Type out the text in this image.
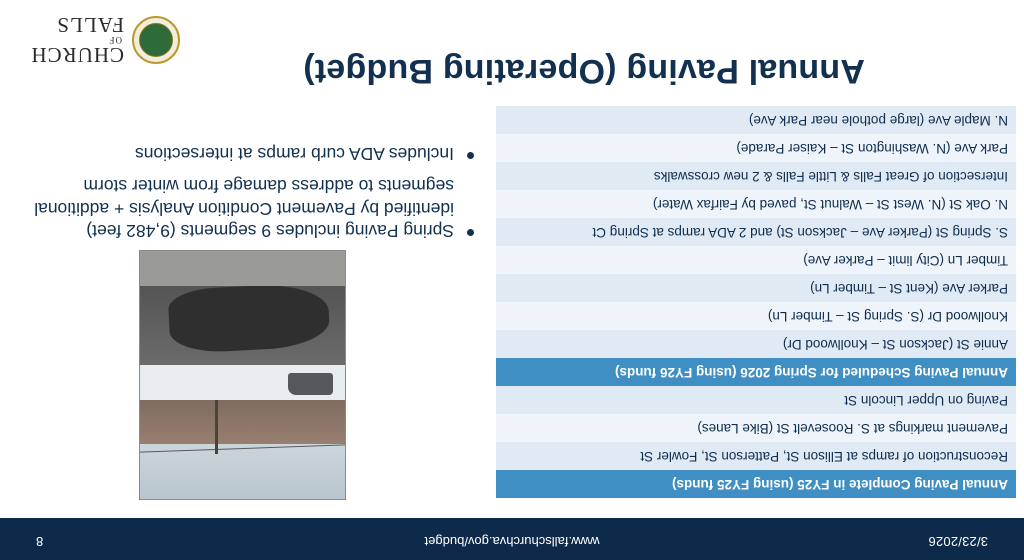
3/23/2026
www.fallschurchva.gov/budget
8
Annual Paving (Operating Budget)
CHURCH
OF
FALLS
Annual Paving Complete in FY25 (using FY25 funds)
Reconstruction of ramps at Ellison St, Patterson St, Fowler St
Pavement markings at S. Roosevelt St (Bike Lanes)
Paving on Upper Lincoln St
Annual Paving Scheduled for Spring 2026 (using FY26 funds)
Annie St (Jackson St – Knollwood Dr)
Knollwood Dr (S. Spring St – Timber Ln)
Parker Ave (Kent St – Timber Ln)
Timber Ln (City limit – Parker Ave)
S. Spring St (Parker Ave – Jackson St) and 2 ADA ramps at Spring Ct
N. Oak St (N. West St – Walnut St, paved by Fairfax Water)
Intersection of Great Falls & Little Falls & 2 new crosswalks
Park Ave (N. Washington St – Kaiser Parade)
N. Maple Ave (large pothole near Park Ave)
Spring Paving includes 9 segments (9,482 feet) identified by Pavement Condition Analysis + additional segments to address damage from winter storm
Includes ADA curb ramps at intersections
